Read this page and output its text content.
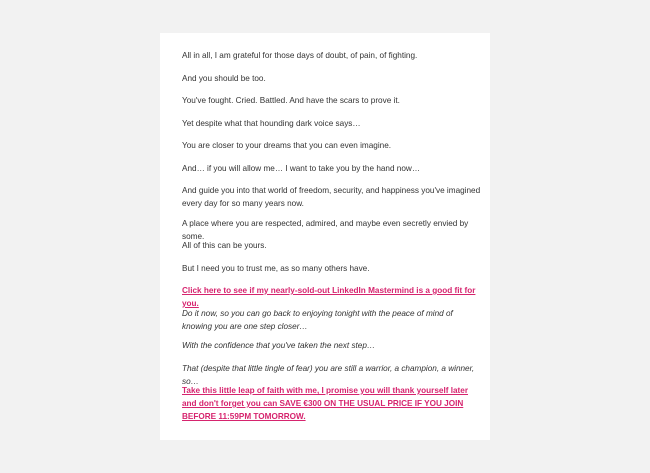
All in all, I am grateful for those days of doubt, of pain, of fighting.

And you should be too.

You've fought. Cried. Battled. And have the scars to prove it.

Yet despite what that hounding dark voice says…

You are closer to your dreams that you can even imagine.

And… if you will allow me… I want to take you by the hand now…

And guide you into that world of freedom, security, and happiness you've imagined every day for so many years now.

A place where you are respected, admired, and maybe even secretly envied by some.

All of this can be yours.

But I need you to trust me, as so many others have.

Click here to see if my nearly-sold-out LinkedIn Mastermind is a good fit for you.

Do it now, so you can go back to enjoying tonight with the peace of mind of knowing you are one step closer…

With the confidence that you've taken the next step…

That (despite that little tingle of fear) you are still a warrior, a champion, a winner, so…

Take this little leap of faith with me, I promise you will thank yourself later and don't forget you can SAVE €300 ON THE USUAL PRICE IF YOU JOIN BEFORE 11:59PM TOMORROW.
